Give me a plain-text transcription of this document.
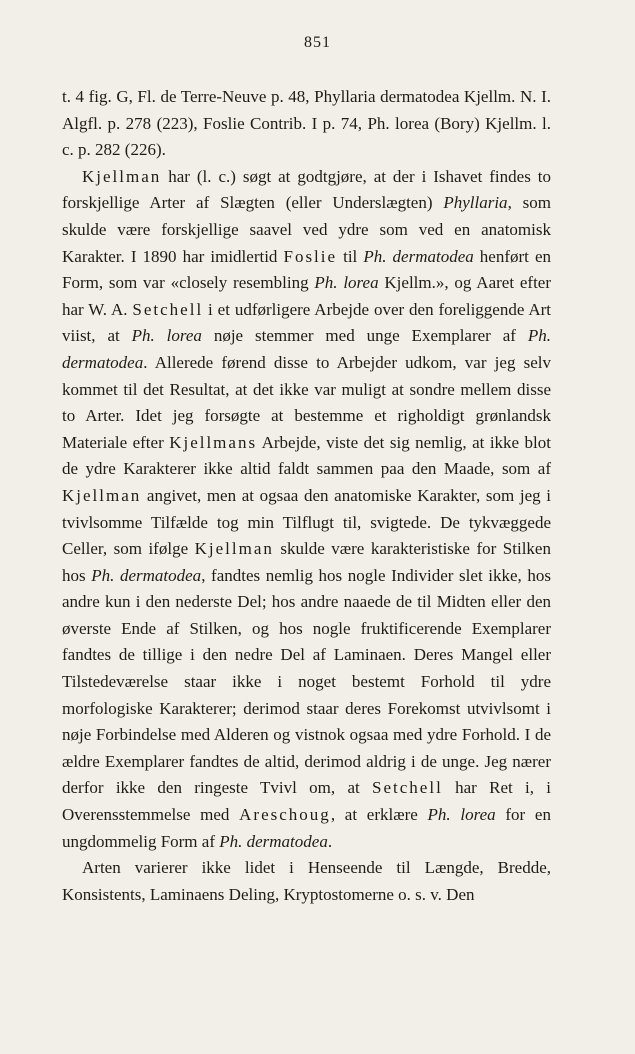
851

t. 4 fig. G, Fl. de Terre-Neuve p. 48, Phyllaria dermatodea Kjellm. N. I. Algfl. p. 278 (223), Foslie Contrib. I p. 74, Ph. lorea (Bory) Kjellm. l. c. p. 282 (226).

Kjellman har (l. c.) søgt at godtgjøre, at der i Ishavet findes to forskjellige Arter af Slægten (eller Underslægten) Phyllaria, som skulde være forskjellige saavel ved ydre som ved en anatomisk Karakter. I 1890 har imidlertid Foslie til Ph. dermatodea henført en Form, som var «closely resembling Ph. lorea Kjellm.», og Aaret efter har W. A. Setchell i et udførligere Arbejde over den foreliggende Art viist, at Ph. lorea nøje stemmer med unge Exemplarer af Ph. dermatodea. Allerede førend disse to Arbejder udkom, var jeg selv kommet til det Resultat, at det ikke var muligt at sondre mellem disse to Arter. Idet jeg forsøgte at bestemme et righoldigt grønlandsk Materiale efter Kjellmans Arbejde, viste det sig nemlig, at ikke blot de ydre Karakterer ikke altid faldt sammen paa den Maade, som af Kjellman angivet, men at ogsaa den anatomiske Karakter, som jeg i tvivlsomme Tilfælde tog min Tilflugt til, svigtede. De tykvæggede Celler, som ifølge Kjellman skulde være karakteristiske for Stilken hos Ph. dermatodea, fandtes nemlig hos nogle Individer slet ikke, hos andre kun i den nederste Del; hos andre naaede de til Midten eller den øverste Ende af Stilken, og hos nogle fruktificerende Exemplarer fandtes de tillige i den nedre Del af Laminaen. Deres Mangel eller Tilstedeværelse staar ikke i noget bestemt Forhold til ydre morfologiske Karakterer; derimod staar deres Forekomst utvivlsomt i nøje Forbindelse med Alderen og vistnok ogsaa med ydre Forhold. I de ældre Exemplarer fandtes de altid, derimod aldrig i de unge. Jeg nærer derfor ikke den ringeste Tvivl om, at Setchell har Ret i, i Overensstemmelse med Areschoug, at erklære Ph. lorea for en ungdommelig Form af Ph. dermatodea.

Arten varierer ikke lidet i Henseende til Længde, Bredde, Konsistents, Laminaens Deling, Kryptostomerne o. s. v. Den
